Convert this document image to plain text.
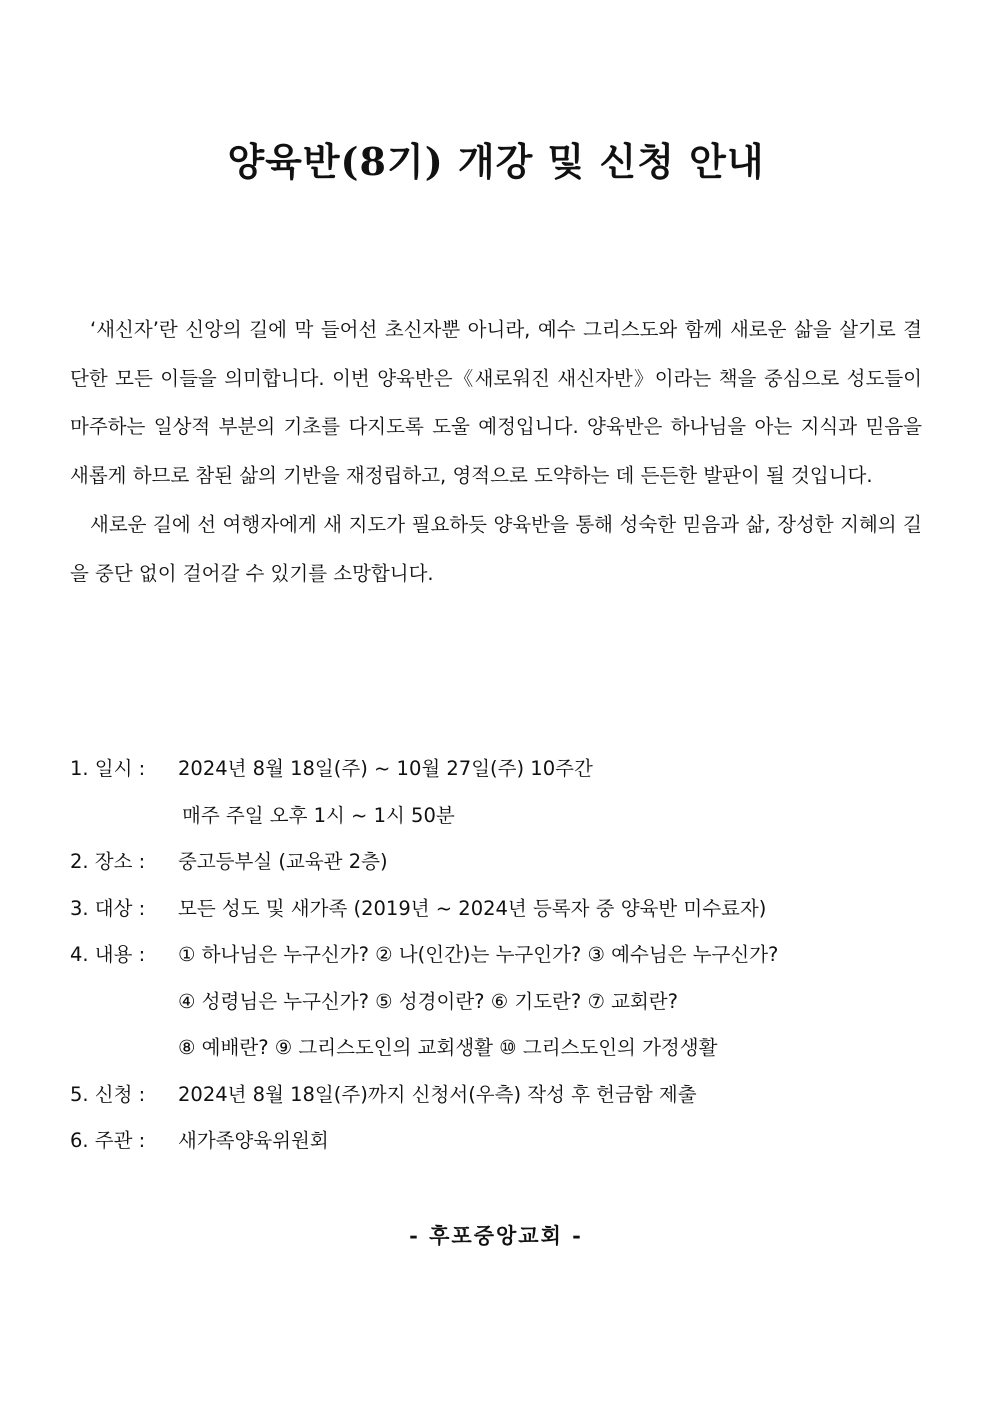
양육반(8기) 개강 및 신청 안내

‘새신자’란 신앙의 길에 막 들어선 초신자뿐 아니라, 예수 그리스도와 함께 새로운 삶을 살기로 결단한 모든 이들을 의미합니다. 이번 양육반은《새로워진 새신자반》이라는 책을 중심으로 성도들이 마주하는 일상적 부분의 기초를 다지도록 도울 예정입니다. 양육반은 하나님을 아는 지식과 믿음을 새롭게 하므로 참된 삶의 기반을 재정립하고, 영적으로 도약하는 데 든든한 발판이 될 것입니다.

새로운 길에 선 여행자에게 새 지도가 필요하듯 양육반을 통해 성숙한 믿음과 삶, 장성한 지혜의 길을 중단 없이 걸어갈 수 있기를 소망합니다.

1. 일시 :	2024년 8월 18일(주) ~ 10월 27일(주) 10주간
매주 주일 오후 1시 ~ 1시 50분
2. 장소 :	중고등부실 (교육관 2층)
3. 대상 :	모든 성도 및 새가족 (2019년 ~ 2024년 등록자 중 양육반 미수료자)
4. 내용 :	① 하나님은 누구신가? ② 나(인간)는 누구인가? ③ 예수님은 누구신가?
④ 성령님은 누구신가? ⑤ 성경이란? ⑥ 기도란? ⑦ 교회란?
⑧ 예배란? ⑨ 그리스도인의 교회생활 ⑩ 그리스도인의 가정생활
5. 신청 :	2024년 8월 18일(주)까지 신청서(우측) 작성 후 헌금함 제출
6. 주관 :	새가족양육위원회
- 후포중앙교회 -
